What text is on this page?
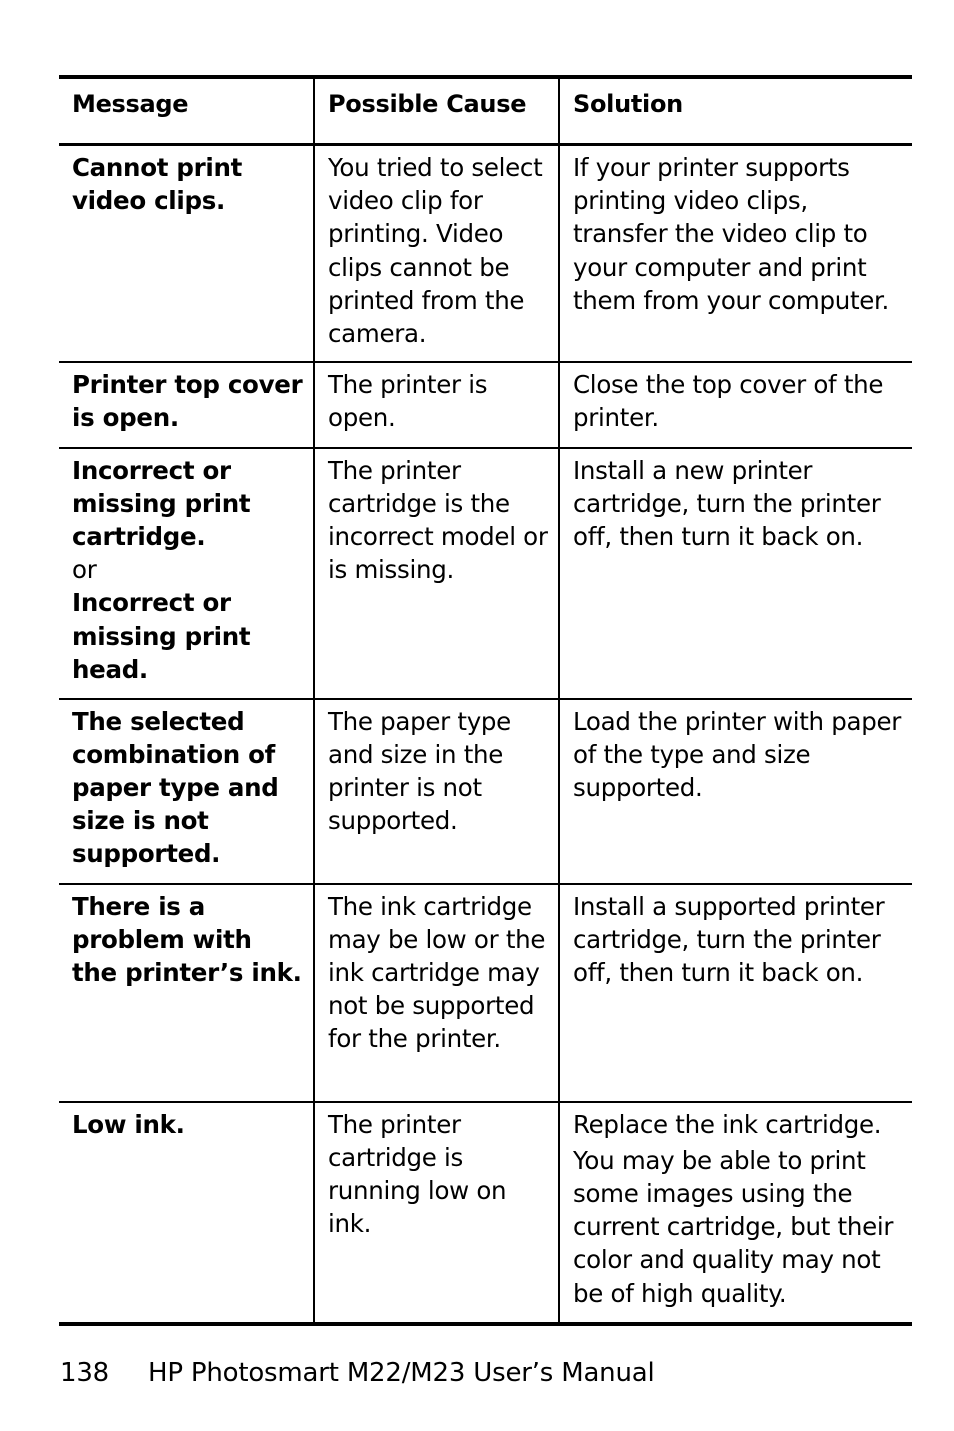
Message	Possible Cause	Solution
Cannot print video clips.	You tried to select video clip for printing. Video clips cannot be printed from the camera.	If your printer supports printing video clips, transfer the video clip to your computer and print them from your computer.
Printer top cover is open.	The printer is open.	Close the top cover of the printer.

Incorrect or missing print cartridge.
or
Incorrect or missing print head.	The printer cartridge is the incorrect model or is missing.	Install a new printer cartridge, turn the printer off, then turn it back on.
The selected combination of paper type and size is not supported.	The paper type and size in the printer is not supported.	Load the printer with paper of the type and size supported.
There is a problem with the printer’s ink.	The ink cartridge may be low or the ink cartridge may not be supported for the printer.	Install a supported printer cartridge, turn the printer off, then turn it back on.
Low ink.	The printer cartridge is running low on ink.	Replace the ink cartridge.
You may be able to print some images using the current cartridge, but their color and quality may not be of high quality.
138 HP Photosmart M22/M23 User’s Manual
